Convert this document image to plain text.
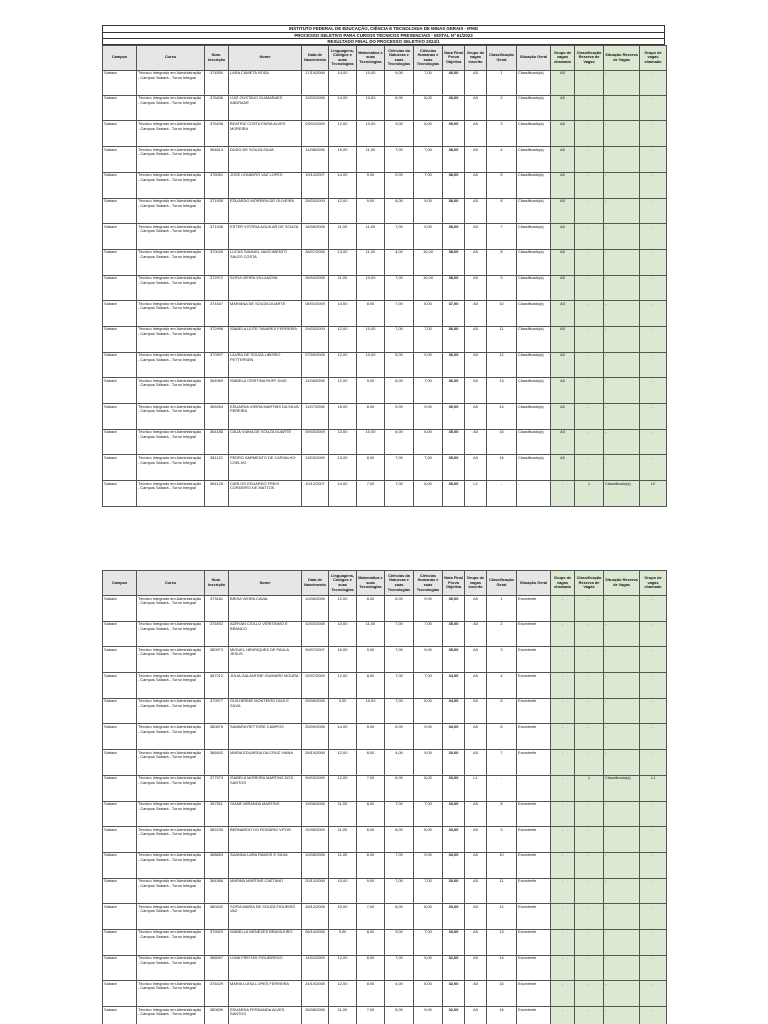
INSTITUTO FEDERAL DE EDUCAÇÃO, CIÊNCIA E TECNOLOGIA DE MINAS GERAIS - IFMG
PROCESSO SELETIVO PARA CURSOS TÉCNICOS PRESENCIAIS - EDITAL Nº 61/2023
RESULTADO FINAL DO PROCESSO SELETIVO 2024/1
Campus	Curso	Núm. Inscrição	Nome	Data de Nascimento	Linguagens, Códigos e suas Tecnologias	Matemática e suas Tecnologias	Ciências da Natureza e suas Tecnologias	Ciências Humanas e suas Tecnologias	Nota Final Prova Objetiva	Grupo de vagas inscrito	Classificação Geral	Situação Geral	Grupo de vagas chamado	Classificação Reserva de Vagas	Situação Reserva de Vagas	Grupo de vagas chamado
Sabará	Técnico Integrado em Administração - Campus Sabará - Turno Integral	374550	LARA CAMETA ROSA	17/10/2008	14,00	10,00	9,00	7,00	40,00	A0	1	Classificado(a)	A0	-	-	-
Sabará	Técnico Integrado em Administração - Campus Sabará - Turno Integral	376406	LUIZ GUSTAVO GUIMARAES ANDRADE	19/02/2008	14,00	10,00	8,00	8,00	40,00	A0	2	Classificado(a)	A0	-	-	-
Sabará	Técnico Integrado em Administração - Campus Sabará - Turno Integral	375438	BEATRIZ COSTA FARIA ALVES MOREIRA	03/01/2009	12,00	10,00	9,00	8,00	39,00	A0	3	Classificado(a)	A0	-	-	-
Sabará	Técnico Integrado em Administração - Campus Sabará - Turno Integral	364613	DUDO DE SOUZA SILVA	11/08/2008	15,00	11,00	7,00	7,00	38,00	A0	4	Classificado(a)	A0	-	-	-
Sabará	Técnico Integrado em Administração - Campus Sabará - Turno Integral	376051	JOSE LEANDRO VAZ LOPES	19/12/2007	14,00	9,00	9,00	7,00	38,00	A0	5	Classificado(a)	A0	-	-	-
Sabará	Técnico Integrado em Administração - Campus Sabará - Turno Integral	371935	EDUARDO MOREIRA DE OLIVEIRA	28/03/2009	12,00	9,00	8,00	9,00	38,00	A0	6	Classificado(a)	A0	-	-	-
Sabará	Técnico Integrado em Administração - Campus Sabará - Turno Integral	371336	ESTER VITÓRIA AGUILAR DE SOUZA	16/06/2008	11,00	11,00	7,00	9,00	38,00	A0	7	Classificado(a)	A0	-	-	-
Sabará	Técnico Integrado em Administração - Campus Sabará - Turno Integral	370049	LUCAS SAMUEL NASCIMENTO SALES COSTA	28/07/2008	13,00	11,00	4,00	10,00	38,00	A0	8	Classificado(a)	A0	-	-	-
Sabará	Técnico Integrado em Administração - Campus Sabará - Turno Integral	372972	SOFIA VIEIRA VILLANOVA	05/04/2008	11,00	10,00	7,00	10,00	38,00	A0	9	Classificado(a)	A0	-	-	-
Sabará	Técnico Integrado em Administração - Campus Sabará - Turno Integral	374457	MARIANA DE SOUZA DUARTE	08/01/2009	14,00	8,00	7,00	8,00	37,00	A0	10	Classificado(a)	A0	-	-	-
Sabará	Técnico Integrado em Administração - Campus Sabará - Turno Integral	372998	ISABELA LEITE TAVARES FERREIRA	29/03/2009	12,00	10,00	7,00	7,00	36,00	A0	11	Classificado(a)	A0	-	-	-
Sabará	Técnico Integrado em Administração - Campus Sabará - Turno Integral	370907	LAURA DE SOUZA LIBORIO PETTERSEN	07/09/2008	12,00	10,00	5,00	9,00	36,00	A0	12	Classificado(a)	A0	-	-	-
Sabará	Técnico Integrado em Administração - Campus Sabará - Turno Integral	364969	ISABELA CRISTINA RUFF DIAS	11/06/2008	12,00	9,00	8,00	7,00	36,00	A0	13	Classificado(a)	A0	-	-	-
Sabará	Técnico Integrado em Administração - Campus Sabará - Turno Integral	365354	EDUARDA VIEIRA MARTINS DA SILVA PEREIRA	11/07/2008	15,00	6,00	5,00	9,00	35,00	A0	14	Classificado(a)	A0	-	-	-
Sabará	Técnico Integrado em Administração - Campus Sabará - Turno Integral	364188	CAUÃ VIANA DE SOUZA DUARTE	09/03/2009	13,00	10,00	6,00	6,00	35,00	A0	15	Classificado(a)	A0	-	-	-
Sabará	Técnico Integrado em Administração - Campus Sabará - Turno Integral	381122	PEDRO SARMENTO DE CARVALHO COELHO	13/03/2009	13,00	8,00	7,00	7,00	35,00	A0	16	Classificado(a)	A0	-	-	-
Sabará	Técnico Integrado em Administração - Campus Sabará - Turno Integral	364128	CARLOS EDUARDO FREIS CORDEIRO DE MATTOS	10/12/2007	14,00	7,00	7,00	8,00	35,00	L2	-	-	-	1	Classificado(a)	L2
Campus	Curso	Núm. Inscrição	Nome	Data de Nascimento	Linguagens, Códigos e suas Tecnologias	Matemática e suas Tecnologias	Ciências da Natureza e suas Tecnologias	Ciências Humanas e suas Tecnologias	Nota Final Prova Objetiva	Grupo de vagas inscrito	Classificação Geral	Situação Geral	Grupo de vagas chamado	Classificação Reserva de Vagas	Situação Reserva de Vagas	Grupo de vagas chamado
Sabará	Técnico Integrado em Administração - Campus Sabará - Turno Integral	373181	BRISA VIEIRA CAVAL	10/06/2008	12,00	8,00	6,00	9,00	35,00	A0	1	Excedente	-	-	-	-
Sabará	Técnico Integrado em Administração - Campus Sabará - Turno Integral	376492	ADRYAN CIOLLO VERÍSSIMO E BRANCO	10/02/2008	10,00	11,00	7,00	7,00	35,00	A0	2	Excedente	-	-	-	-
Sabará	Técnico Integrado em Administração - Campus Sabará - Turno Integral	380973	MIGUEL HENRIQUES DE PAULA JESUS	09/07/2007	10,00	9,00	7,00	9,00	35,00	A0	3	Excedente	-	-	-	-
Sabará	Técnico Integrado em Administração - Campus Sabará - Turno Integral	367212	JÚLIA GALANTINE GUIMARD MOURA	02/07/2009	12,00	8,00	7,00	7,00	34,00	A0	4	Excedente	-	-	-	-
Sabará	Técnico Integrado em Administração - Campus Sabará - Turno Integral	370977	GUILHERME MONTEIRO DIAS E SILVA	09/06/2008	9,00	10,00	7,00	8,00	34,00	A0	5	Excedente	-	-	-	-
Sabará	Técnico Integrado em Administração - Campus Sabará - Turno Integral	380678	SAMARA RETTORE CAMPOS	25/09/2008	14,00	5,00	6,00	9,00	33,00	A0	6	Excedente	-	-	-	-
Sabará	Técnico Integrado em Administração - Campus Sabará - Turno Integral	366442	MARIA EDUARDA DA CRUZ VIANA	28/10/2008	12,00	8,00	4,00	9,00	33,00	A0	7	Excedente	-	-	-	-
Sabará	Técnico Integrado em Administração - Campus Sabará - Turno Integral	377973	ISABELA MOREIRA MARTINS DOS SANTOS	09/03/2009	12,00	7,00	6,00	8,00	33,00	L1	-	-	-	1	Classificado(a)	L1
Sabará	Técnico Integrado em Administração - Campus Sabará - Turno Integral	367511	GIANE MIRANDA MARTINS	19/06/2008	11,00	8,00	7,00	7,00	33,00	A0	8	Excedente	-	-	-	-
Sabará	Técnico Integrado em Administração - Campus Sabará - Turno Integral	382235	BERNARDO DO ROSÁRIO VITOR	02/05/2009	11,00	6,00	8,00	8,00	33,00	A0	9	Excedente	-	-	-	-
Sabará	Técnico Integrado em Administração - Campus Sabará - Turno Integral	368853	SUANNA LARA RAMOS E SILVA	10/08/2008	11,00	6,00	7,00	9,00	33,00	A0	10	Excedente	-	-	-	-
Sabará	Técnico Integrado em Administração - Campus Sabará - Turno Integral	364366	MARINA MARTINS CAETANO	20/12/2008	10,00	9,00	7,00	7,00	33,00	A0	11	Excedente	-	-	-	-
Sabará	Técnico Integrado em Administração - Campus Sabará - Turno Integral	380432	SOFIA MARIA DE SOUZA FIGUEIRÓ VAZ	18/12/2008	10,00	7,00	8,00	8,00	33,00	A0	12	Excedente	-	-	-	-
Sabará	Técnico Integrado em Administração - Campus Sabará - Turno Integral	379929	ISABELLA MENEZES BRASILEIRO	06/10/2008	9,00	8,00	9,00	7,00	33,00	A0	13	Excedente	-	-	-	-
Sabará	Técnico Integrado em Administração - Campus Sabará - Turno Integral	366067	LUNA FREITAS FIGUEIREDO	14/01/2009	12,00	8,00	7,00	5,00	32,00	A0	14	Excedente	-	-	-	-
Sabará	Técnico Integrado em Administração - Campus Sabará - Turno Integral	376429	MARIA LUÍSA LOPES FERREIRA	24/10/2008	12,00	8,00	4,00	8,00	32,00	A0	15	Excedente	-	-	-	-
Sabará	Técnico Integrado em Administração - Campus Sabará - Turno Integral	380639	EDUARDA FERNANDA ALVES SANTOS	26/08/2008	11,00	7,00	5,00	9,00	32,00	A0	16	Excedente	-	-	-	-
